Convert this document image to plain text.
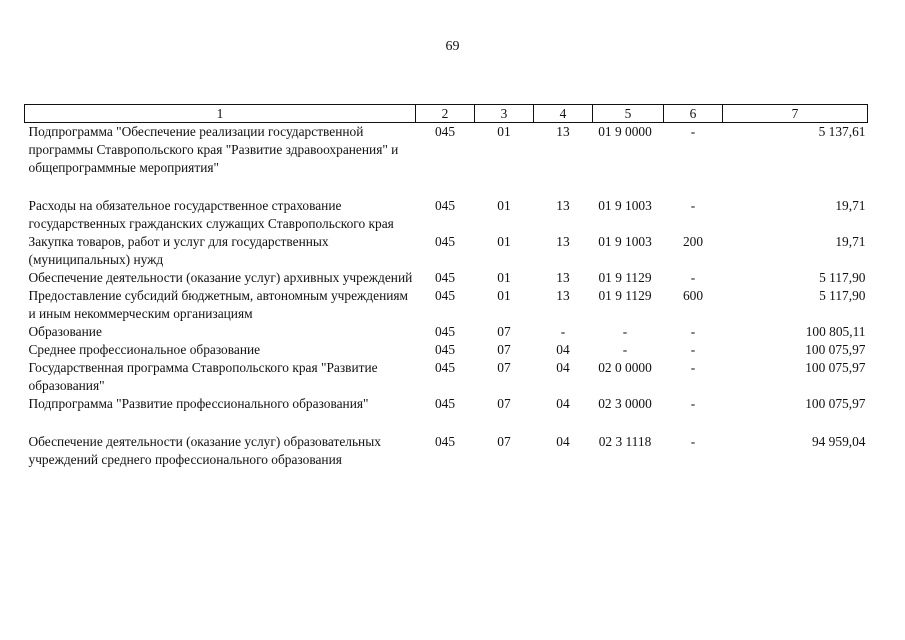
69
1	2	3	4	5	6	7
Подпрограмма "Обеспечение реализации государственной программы Ставропольского края "Развитие здравоохранения" и общепрограммные мероприятия"	045	01	13	01 9 0000	-	5 137,61
Расходы на обязательное государственное страхование государственных гражданских служащих Ставропольского края	045	01	13	01 9 1003	-	19,71
Закупка товаров, работ и услуг для государственных (муниципальных) нужд	045	01	13	01 9 1003	200	19,71
Обеспечение деятельности (оказание услуг) архивных учреждений	045	01	13	01 9 1129	-	5 117,90
Предоставление субсидий бюджетным, автономным учреждениям и иным некоммерческим организациям	045	01	13	01 9 1129	600	5 117,90
Образование	045	07	-	-	-	100 805,11
Среднее профессиональное образование	045	07	04	-	-	100 075,97
Государственная программа Ставропольского края "Развитие образования"	045	07	04	02 0 0000	-	100 075,97
Подпрограмма "Развитие профессионального образования"	045	07	04	02 3 0000	-	100 075,97
Обеспечение деятельности (оказание услуг) образовательных учреждений среднего профессионального образования	045	07	04	02 3 1118	-	94 959,04
